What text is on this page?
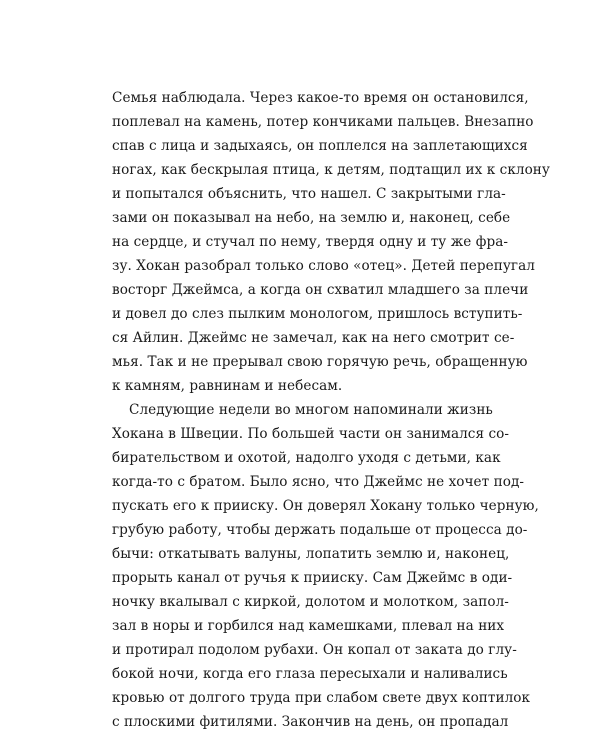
Семья наблюдала. Через какое-то время он остановился,
поплевал на камень, потер кончиками пальцев. Внезапно
спав с лица и задыхаясь, он поплелся на заплетающихся
ногах, как бескрылая птица, к детям, подтащил их к склону
и попытался объяснить, что нашел. С закрытыми гла-
зами он показывал на небо, на землю и, наконец, себе
на сердце, и стучал по нему, твердя одну и ту же фра-
зу. Хокан разобрал только слово «отец». Детей перепугал
восторг Джеймса, а когда он схватил младшего за плечи
и довел до слез пылким монологом, пришлось вступить-
ся Айлин. Джеймс не замечал, как на него смотрит се-
мья. Так и не прерывал свою горячую речь, обращенную
к камням, равнинам и небесам.
Следующие недели во многом напоминали жизнь
Хокана в Швеции. По большей части он занимался со-
бирательством и охотой, надолго уходя с детьми, как
когда-то с братом. Было ясно, что Джеймс не хочет под-
пускать его к прииску. Он доверял Хокану только черную,
грубую работу, чтобы держать подальше от процесса до-
бычи: откатывать валуны, лопатить землю и, наконец,
прорыть канал от ручья к прииску. Сам Джеймс в оди-
ночку вкалывал с киркой, долотом и молотком, запол-
зал в норы и горбился над камешками, плевал на них
и протирал подолом рубахи. Он копал от заката до глу-
бокой ночи, когда его глаза пересыхали и наливались
кровью от долгого труда при слабом свете двух коптилок
с плоскими фитилями. Закончив на день, он пропадал
